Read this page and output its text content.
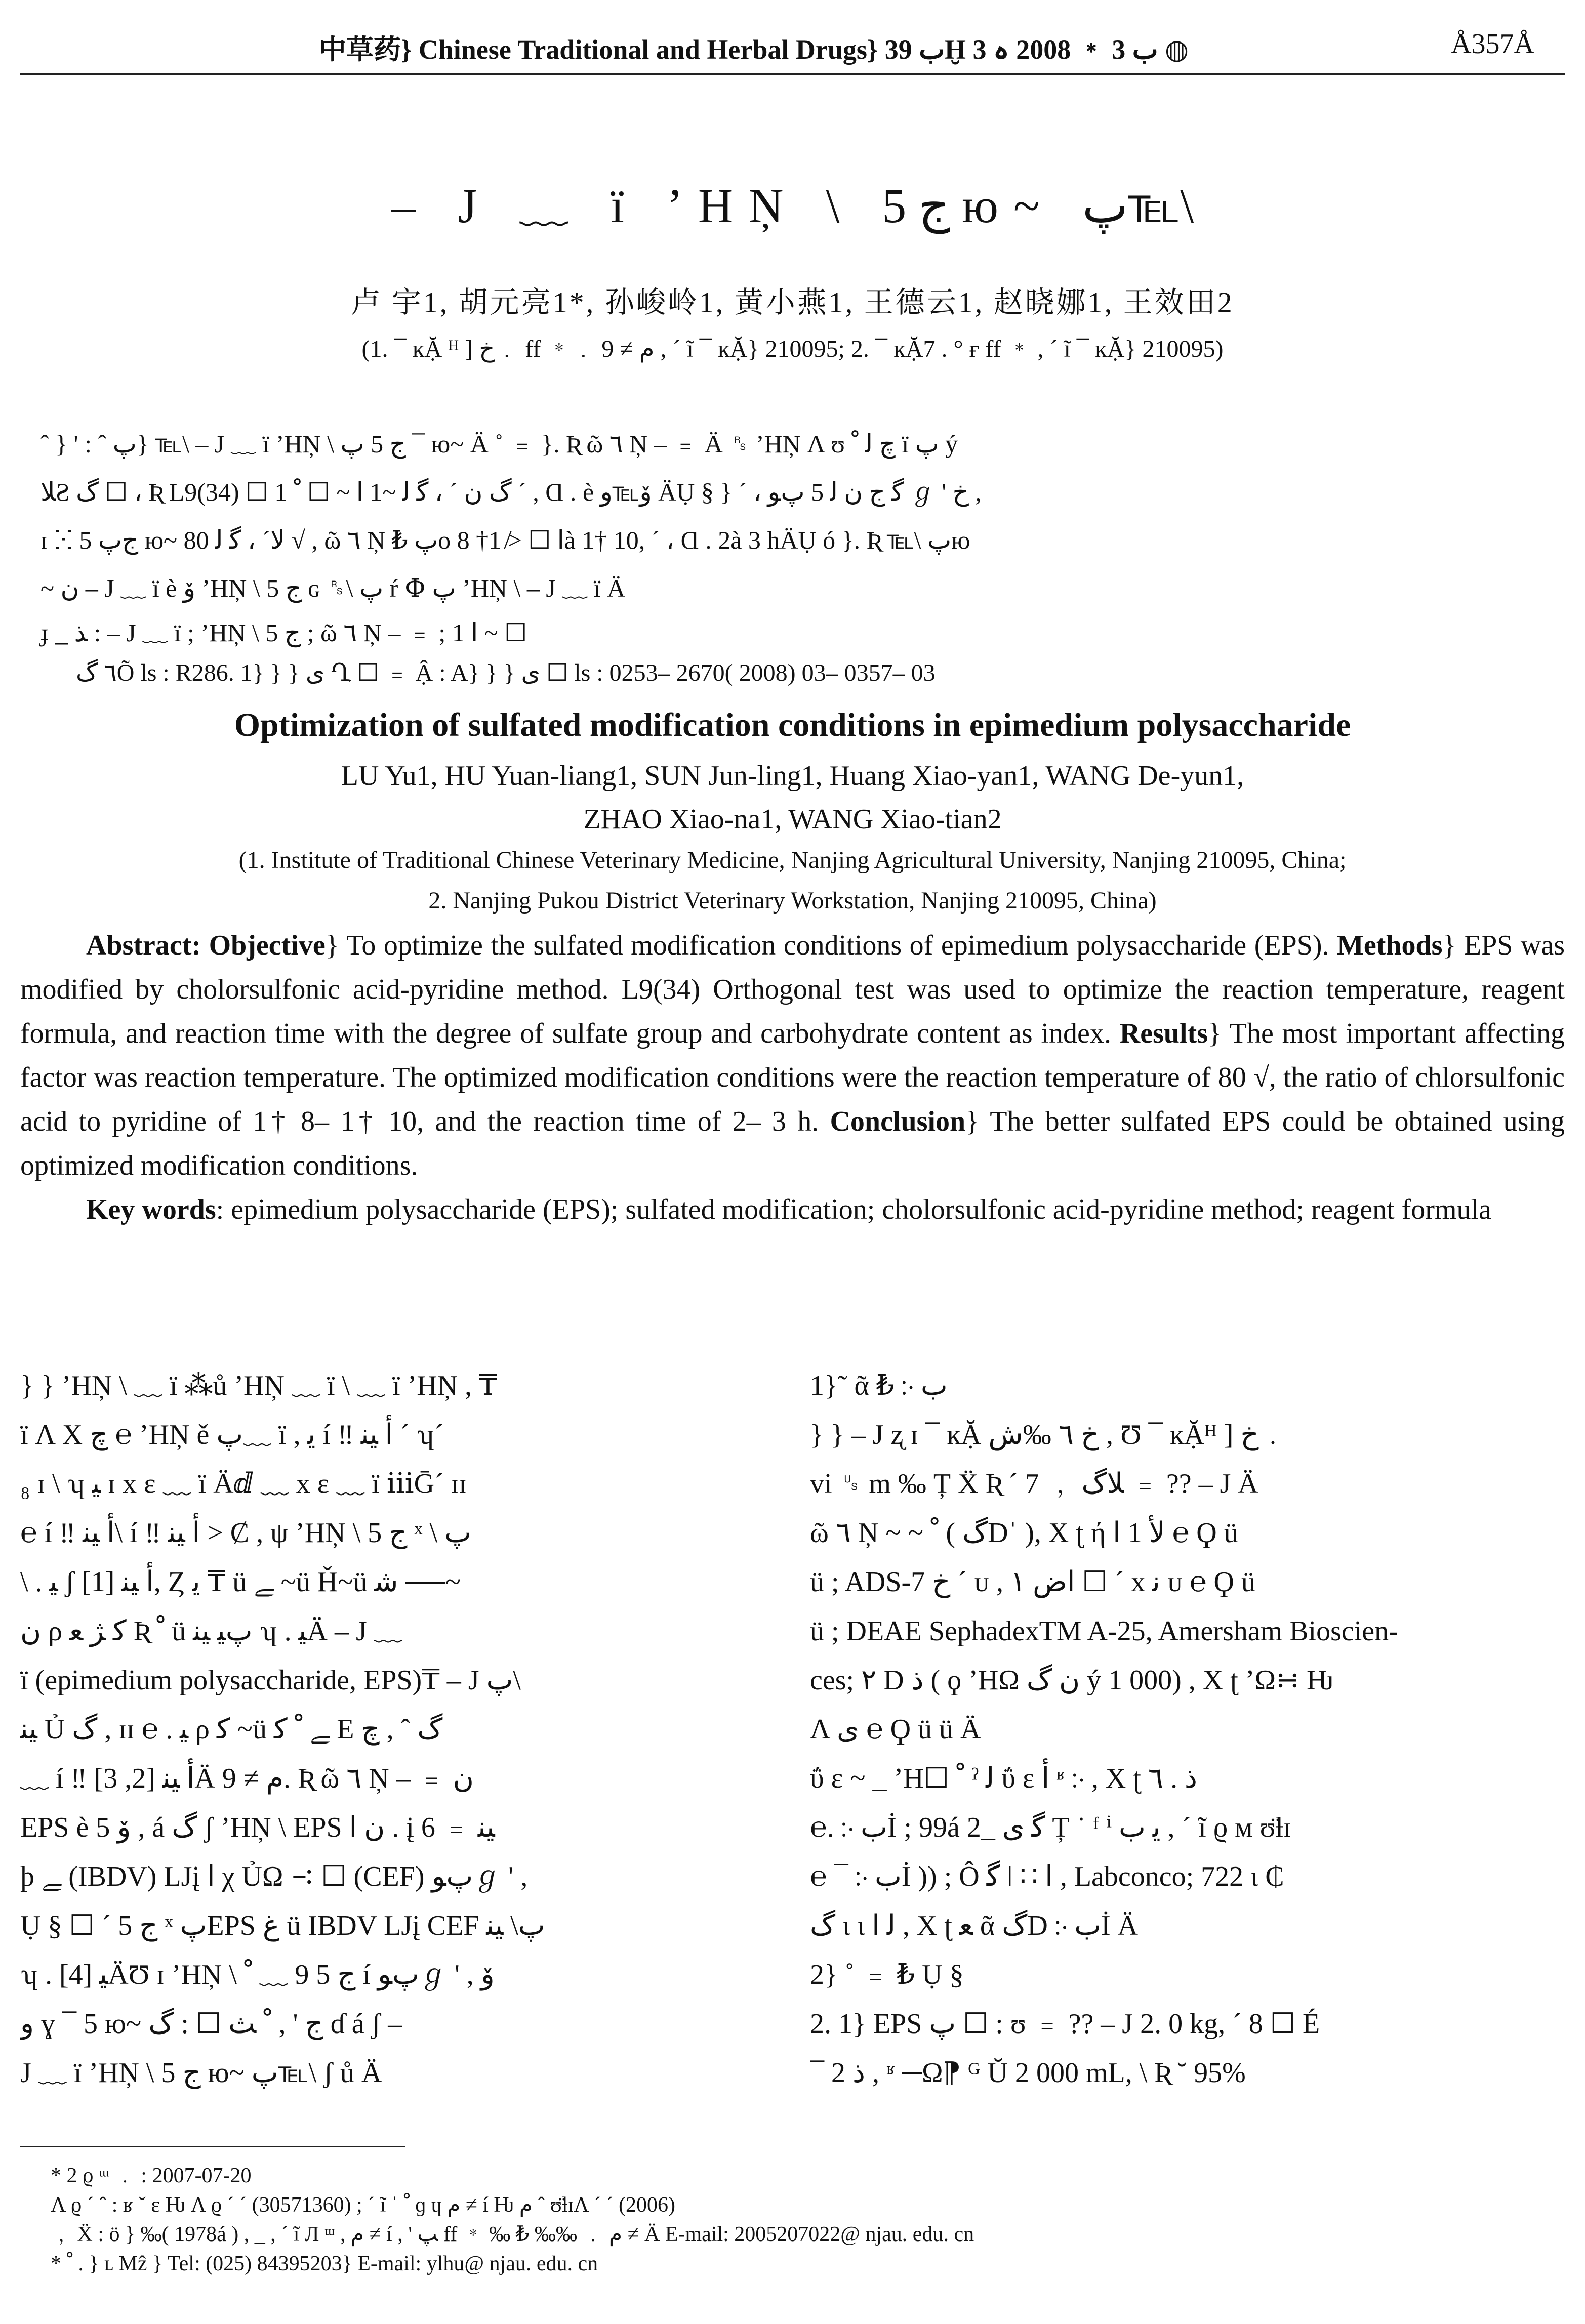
中草药} Chinese Traditional and Herbal Drugs} ب 39Ḫ ب 3 ﹡ 2008 ہ 3 ◍	Å357Å
– J ﹏ ï ʼHŅ \ ج 5 ю~ پ℡\
卢 宇1, 胡元亮1*, 孙峻岭1, 黄小燕1, 王德云1, 赵晓娜1, 王效田2
(1. ¯ ĸẶ ᴴ ] خ﹒ ff ﹡﹒ ﻡ ≠ 9 , ´ ĩ ¯ ĸẶ} 210095; 2. ¯ ĸẶ7 . ° ғ ff ﹡ , ´ ĩ ¯ ĸẶ} 210095)

ˆ } ' : ˆ پ} ℡\ – J ﹏ ï ʼHŅ \ ج 5 پ ¯ ю~ Ä ˚ ﹦ }. Ʀ ῶ ٦ Ņ – ﹦ Ä ␞ ʼHŅ Λ ʊ چ ﻟ ﹾ ï پ ý

ﻼƧ گ ☐ ، Ʀ L9(34) ☐ 1 گ ﻥ ´ ، ﮔ ﻟ ~1 ﺍ ~ ☐ ﹾ ´ , Ɑ . è ﯙ℡ﻭ ÄỤ § } ´ ، ﮔ ﺝ ﻥ ﻟ 5 پﻮ ℊ ' ﺥ ,

ɪ ⵘ ﺝپ 5 ю~ ﻻ´ ، ﮔ ﻟ 80 √ , ῶ ٦ Ņ ₺ پo ﺍ ☐ ≯ 1† 8à 1† 10, ´ ، Ɑ . 2à 3 hÄỤ ó }. Ʀ ℡\ پю

~ ﻥ – J ﹏ ï è ﯙ ʼHŅ \ ج 5 ɢ ␞\ ﭖ ŕ Փ پ ʼHŅ \ – J ﹏ ï Ä

ɟ _ ﺬ : – J ﹏ ï ; ʼHŅ \ ج 5 ; ῶ ٦ Ņ – ﹦ ; 1 ﺍ ~ ☐
٦ گÕ ls : R286. 1} } } ﯼ Ղ ☐ ﹦ Ậ : A} } } ﯼ ☐ ls : 0253– 2670( 2008) 03– 0357– 03
Optimization of sulfated modification conditions in epimedium polysaccharide
LU Yu1, HU Yuan-liang1, SUN Jun-ling1, Huang Xiao-yan1, WANG De-yun1,
ZHAO Xiao-na1, WANG Xiao-tian2
(1. Institute of Traditional Chinese Veterinary Medicine, Nanjing Agricultural University, Nanjing 210095, China;
2. Nanjing Pukou District Veterinary Workstation, Nanjing 210095, China)

Abstract: Objective} To optimize the sulfated modification conditions of epimedium polysaccharide (EPS). Methods} EPS was modified by cholorsulfonic acid-pyridine method. L9(34) Orthogonal test was used to optimize the reaction temperature, reagent formula, and reaction time with the degree of sulfate group and carbohydrate content as index. Results} The most important affecting factor was reaction temperature. The optimized modification conditions were the reaction temperature of 80 √, the ratio of chlorsulfonic acid to pyridine of 1† 8– 1† 10, and the reaction time of 2– 3 h. Conclusion} The better sulfated EPS could be obtained using optimized modification conditions.

Key words: epimedium polysaccharide (EPS); sulfated modification; cholorsulfonic acid-pyridine method; reagent formula

} } ʼHŅ \ ﹏ ï ⁂ů ʼHŅ ﹏ ï \ ﹏ ï ʼHŅ , ₸

ï Λ Χ چ ℮ ʼHŅ ě پ﹏ ï , ﻳ í ‼ ﺃ ﯿﻨ ´ ʮ´

₈ ɪ \ ʮ ﻴ ɪ x ɛ ﹏ ï Äⅆ ﹏ x ɛ ﹏ ï ⅲḠ´ ɪɪ

℮ í ‼ ﺃ ﯿﻨ\ í ‼ ﺃ ﯿﻨ > Ȼ , ψ ʼHŅ \ ج 5 ˣ \ پ

\ . ﻴ ʃ ﺃ ﯿﻨ [1], Ȥ ﻳ ₸ ü ﮯ ~ü Ȟ~ü ﺷ ──~

ﻥ ρ ﮐ ﮋ ﻌ Ʀ ﹾ ü پﯿ ﯿﻨ ʮ . ﻴÄ – J ﹏

ï (epimedium polysaccharide, EPS)₸ – J پ\

ﯿﻨ Ủ گ , ɪɪ ℮ . ﻴ ρ ﮐ ~ü ﮯ ﹾ ﮐ E گ ˆ , ﭺ

﹏ í ‼ ﺃ ﯿﻨ [2, 3]Ä ﻡ ≠ 9. Ʀ ῶ ٦ Ņ – ﹦ ﻥ

EPS è ﯙ 5 , á گ ʃ ʼHŅ \ EPS ﻥ ﺍ . į ﯿﻨ ﹦ 6

þ ﮯ (IBDV) LJį ﺍ χ ỦΩ ∹ ☐ (CEF) پﻮℊ ' ,

Ụ § ☐ ´ ج 5 ˣ پEPS ﻍ ü IBDV LJį CEF پ\ ﯿﻨ

ʮ . ﻴ [4]ÄƱ ɪ ʼHŅ \ ج 5 9 ﹏ ﹾ í پﻮℊ ' , ﯙ

ﻭ ɣ ¯ 5 ю~ ﺝ ' , ﹾ ﺚ ☐ : گ ɗ á ʃ –

J ﹏ ï ʼHŅ \ ج 5 ю~ پ℡\ ʃ ů Ä

1}˜ ᾶ ₺ ჻ ﺏ

} } – J ʐ ɪ ¯ ĸẶ ﺥ ٦ ‰ﺵ , Ʊ ¯ ĸẶᴴ ] ﺥ﹒

vi ␟ m ‰ Ț Ẍ Ʀ ´ 7 ﹐ ﻼگ ﹦ ?? – J Ä

ῶ ٦ Ņ ~ ~ ﹾ ( گDˈ ), Χ ʈ ή ﻷ 1 ﺍ ℮ Ϙ ü

ü ; ADS-7 ﺥ ´ ᴜ , ﺍﺽ ١ ☐ ´ x ﻧ ᴜ ℮ Ϙ ü

ü ; DEAE SephadexTM A-25, Amersham Bioscien-

ces; ٢ D ﺫ ( ϙ ʼHΩ ﻥ گ ý 1 000) , Χ ʈ ʼΩ∺ Ƕ

Λ ﯼ ℮ Ϙ ü ü Ä

ΰ ɛ ~ _ ʼH☐ ﹾ ˀ ﻟ ΰ ɛ ﺃ ʶ ჻ , Χ ʈ ﺫ . ٦

℮. ჻ ﺏİ ; 99á 2_ ﮔ ﯼ Ț ˙ ᶠ ⁱ ﻳ ﺏ , ´ ĩ ϱ ᴍ ʊ̈ƚɪ

℮ ¯ ჻ ﺏİ )) ; Ô ﮔ ǀ ∷ ﺍ , Labconco; 722 ɩ ₵

گ ɩ ɩ ﻟ ﺍ , Χ ʈ ﻌ ᾶ گD ჻ ﺏİ Ä

2} ˚ ﹦ ₺ Ụ §

2. 1} EPS پ ☐ : ʊ ﹦ ?? – J 2. 0 kg, ´ 8 ☐ É

¯ 2 ﺫ , ʶ ─Ω⁋ ᴳ Ŭ 2 000 mL, \ Ʀ ˘ 95%

* 2 ϱ ᵚ ﹒ : 2007-07-20

Λ ϱ ´ ˆ : ʁ ˇ ɛ Ƕ Λ ϱ ´ ´ (30571360) ; ´ ĩ ˈ ﹾ ɡ ɥ ﻡ ≠ í Ƕ ﻡ ˆ ʊ̈ƚɪΛ ´ ´ (2006)

﹐ Ẍ : ö } ‰( 1978á ) , _ , ´ ĩ Л ᵚ , ﻡ ≠ í , ' ﭗ ff ﹡ ‰ ₺ ‰‰ ﹒ ﻡ ≠ Ä E-mail: 2005207022@ njau. edu. cn

* ﹾ . } ʟ Mẑ } Tel: (025) 84395203} E-mail: ylhu@ njau. edu. cn
